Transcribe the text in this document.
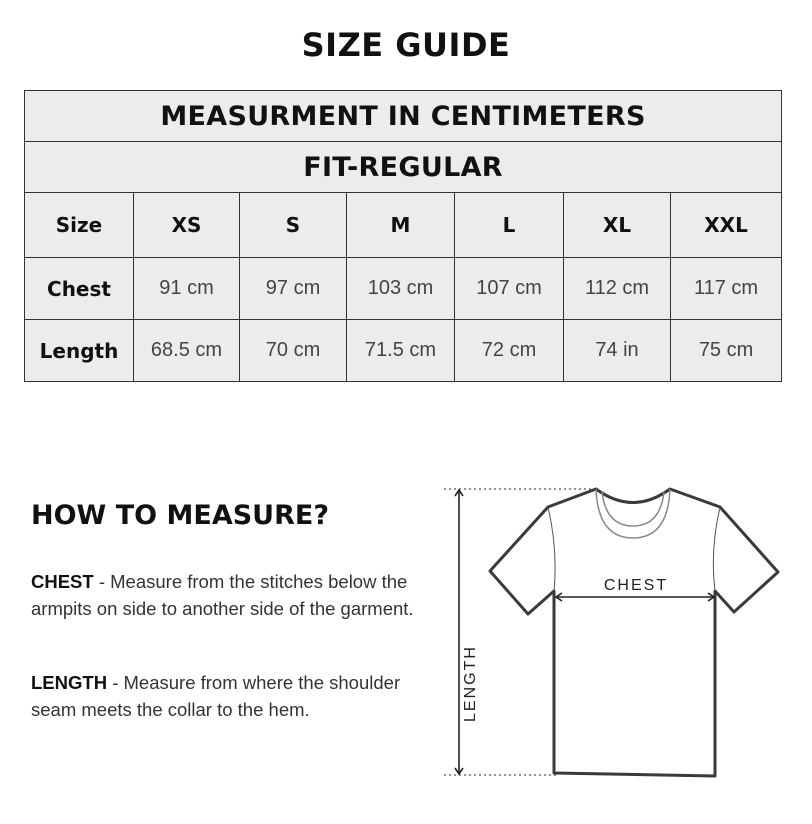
SIZE GUIDE
MEASURMENT IN CENTIMETERS						
FIT-REGULAR						
Size	XS	S	M	L	XL	XXL
Chest	91 cm	97 cm	103 cm	107 cm	112 cm	117 cm
Length	68.5 cm	70 cm	71.5 cm	72 cm	74 in	75 cm
HOW TO MEASURE?
CHEST - Measure from the stitches below the armpits on side to another side of the garment.
LENGTH - Measure from where the shoulder seam meets the collar to the hem.	LENGTH
CHEST
